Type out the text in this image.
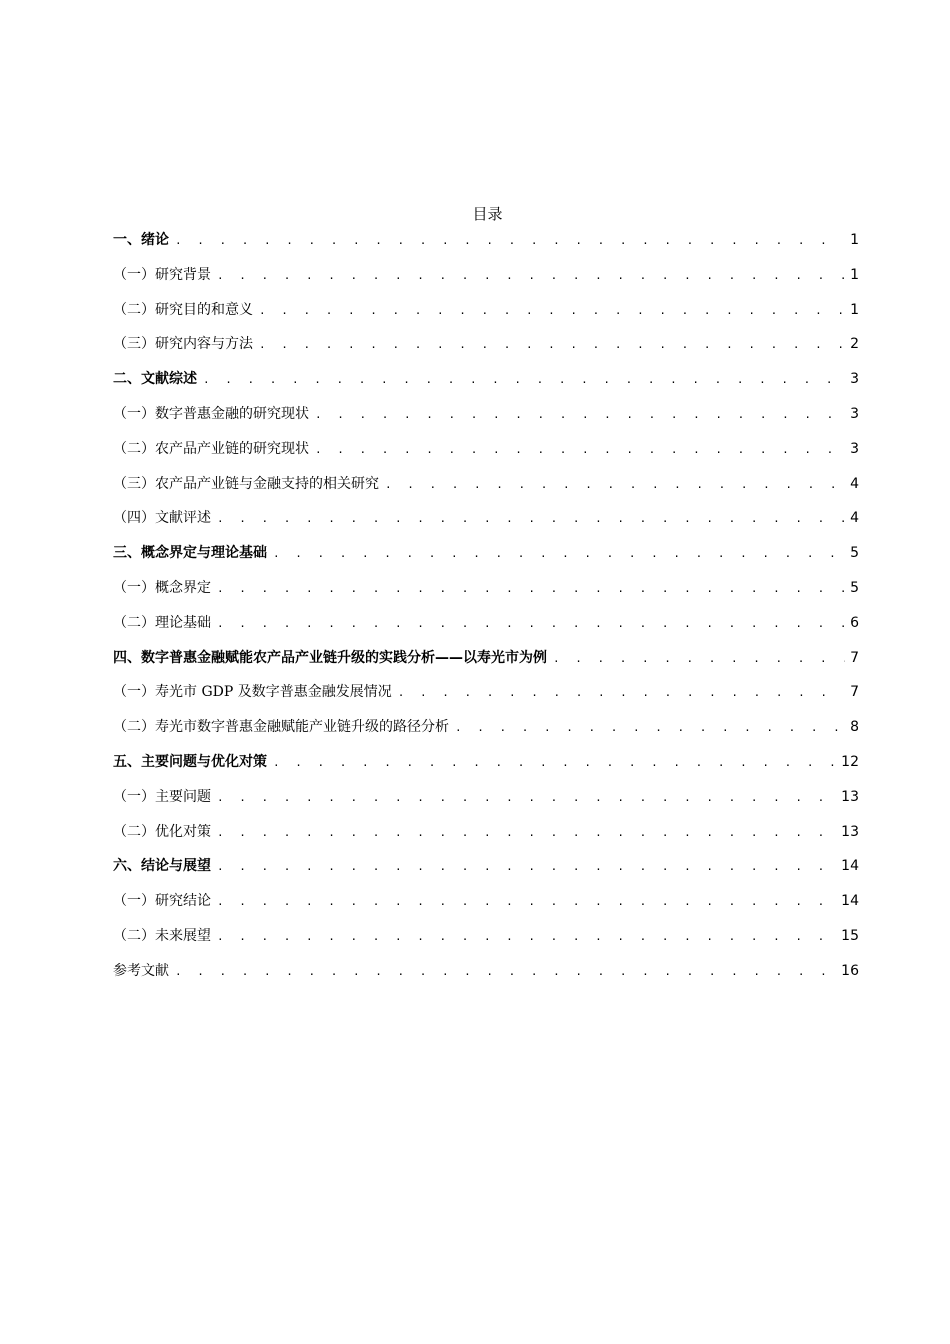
目录
一、绪论 . . .	1
（一）研究背景 . . .	1
（二）研究目的和意义 . . .	1
（三）研究内容与方法 . . .	2
二、文献综述 . . .	3
（一）数字普惠金融的研究现状 . . .	3
（二）农产品产业链的研究现状 . . .	3
（三）农产品产业链与金融支持的相关研究 . . .	4
（四）文献评述 . . .	4
三、概念界定与理论基础 . . .	5
（一）概念界定 . . .	5
（二）理论基础 . . .	6
四、数字普惠金融赋能农产品产业链升级的实践分析——以寿光市为例 . . .	7
（一）寿光市 GDP 及数字普惠金融发展情况 . . .	7
（二）寿光市数字普惠金融赋能产业链升级的路径分析 . . .	8
五、主要问题与优化对策 . . .	12
（一）主要问题 . . .	13
（二）优化对策 . . .	13
六、结论与展望 . . .	14
（一）研究结论 . . .	14
（二）未来展望 . . .	15
参考文献 . . .	16
